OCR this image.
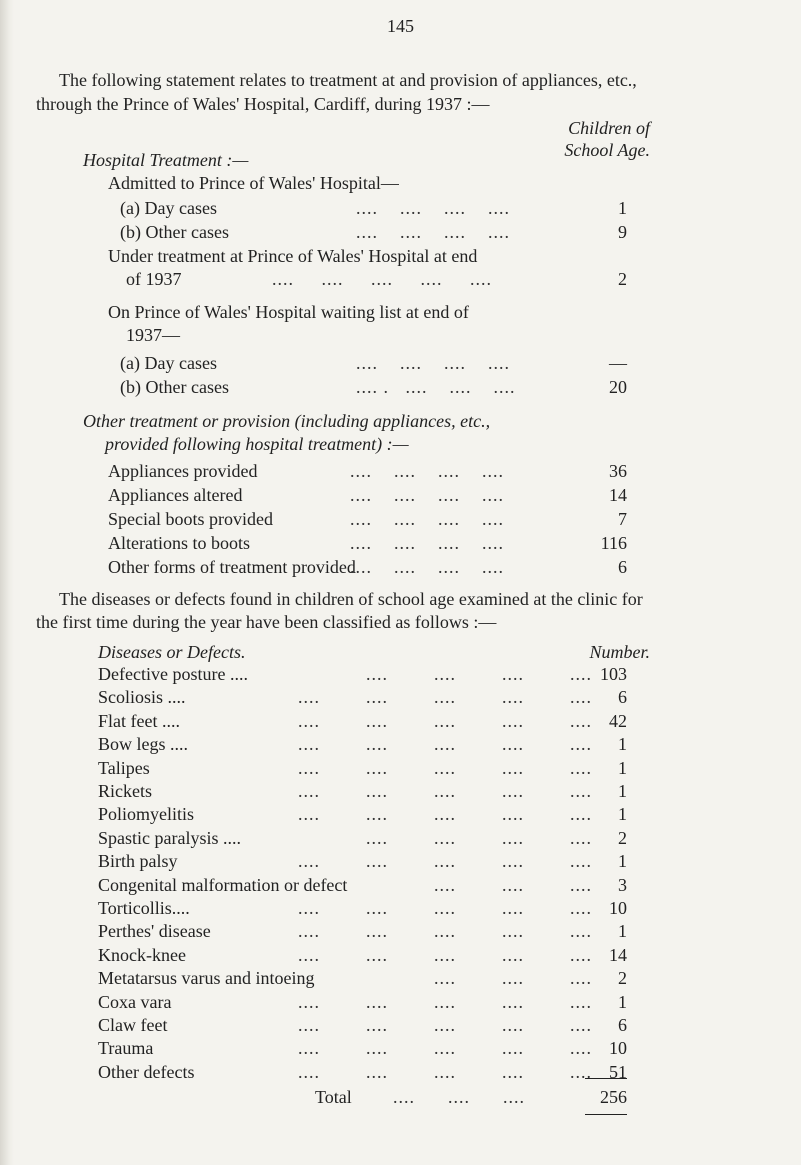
145
The following statement relates to treatment at and provision of appliances, etc.,
through the Prince of Wales' Hospital, Cardiff, during 1937 :—
Children of
School Age.
Hospital Treatment :—
Admitted to Prince of Wales' Hospital—
(a) Day cases	....    ....    ....    ....	1
(b) Other cases	....    ....    ....    ....	9
Under treatment at Prince of Wales' Hospital at end
of 1937	....     ....     ....     ....     ....	2
On Prince of Wales' Hospital waiting list at end of
1937—
(a) Day cases	....    ....    ....    ....	—
(b) Other cases	.... .   ....    ....    ....	20
Other treatment or provision (including appliances, etc.,
provided following hospital treatment) :—
Appliances provided	....    ....    ....    ....	36
Appliances altered	....    ....    ....    ....	14
Special boots provided	....    ....    ....    ....	7
Alterations to boots	....    ....    ....    ....	116
Other forms of treatment provided
....    ....    ....    ....	6
The diseases or defects found in children of school age examined at the clinic for
the first time during the year have been classified as follows :—
Diseases or Defects.	Number.
Defective posture ....	....	....	....	.... 103
Scoliosis ....	....	....	....	....	.... 6
Flat feet ....	....	....	....	....	.... 42
Bow legs ....	....	....	....	....	.... 1
Talipes	....	....	....	....	.... 1
Rickets	....	....	....	....	.... 1
Poliomyelitis	....	....	....	....	.... 1
Spastic paralysis ....	....	....	....	.... 2
Birth palsy	....	....	....	....	.... 1
Congenital malformation or defect	....	....	.... 3
Torticollis....	....	....	....	....	.... 10
Perthes' disease	....	....	....	....	.... 1
Knock-knee	....	....	....	....	.... 14
Metatarsus varus and intoeing	....	....	.... 2
Coxa vara	....	....	....	....	.... 1
Claw feet	....	....	....	....	.... 6
Trauma	....	....	....	....	.... 10
Other defects	....	....	....	....	.... 51
Total ....      ....      ....	256
